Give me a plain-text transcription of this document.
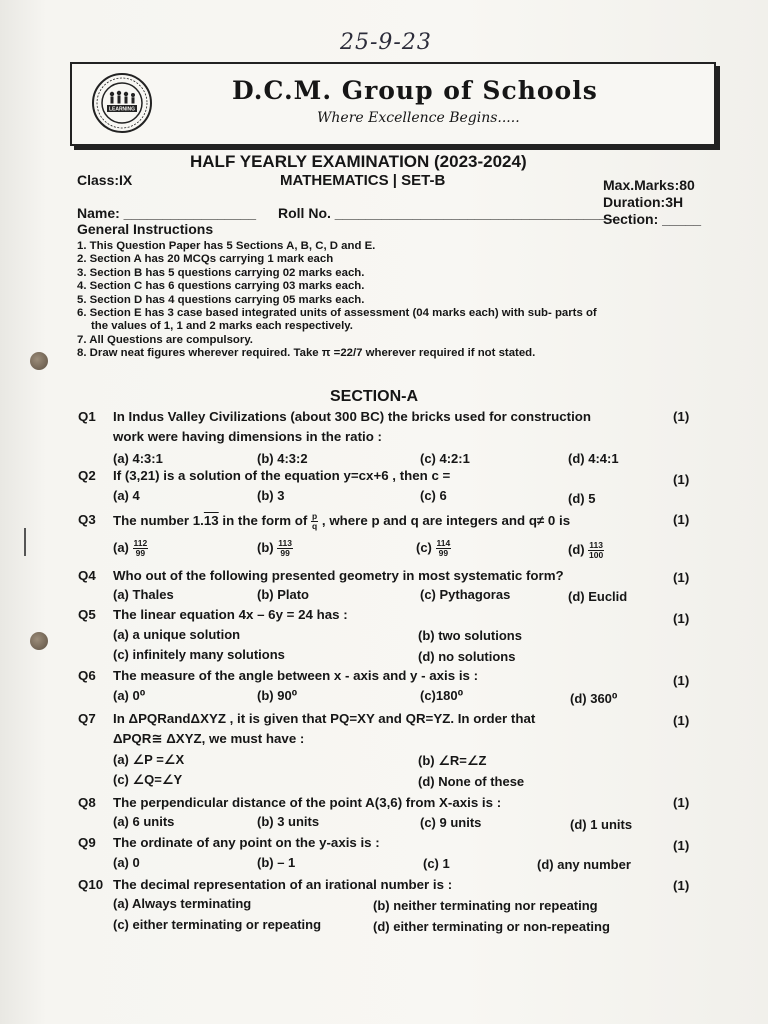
25-9-23
LEARNING
D.C.M. Group of Schools
Where Excellence Begins.....
HALF YEARLY EXAMINATION (2023-2024)
MATHEMATICS | SET-B
Class:IX	Max.Marks:80
Duration:3H
Name: _________________ Roll No. ____________________________________
Section: _____
General Instructions
1. This Question Paper has 5 Sections A, B, C, D and E.
2. Section A has 20 MCQs carrying 1 mark each
3. Section B has 5 questions carrying 02 marks each.
4. Section C has 6 questions carrying 03 marks each.
5. Section D has 4 questions carrying 05 marks each.
6. Section E has 3 case based integrated units of assessment (04 marks each) with sub- parts of
the values of 1, 1 and 2 marks each respectively.
7. All Questions are compulsory.
8. Draw neat figures wherever required. Take π =22/7 wherever required if not stated.
SECTION-A
Q1 In Indus Valley Civilizations (about 300 BC) the bricks used for construction	(1)
work were having dimensions in the ratio :
(a) 4:3:1	(b) 4:3:2	(c) 4:2:1	(d) 4:4:1
Q2 If (3,21) is a solution of the equation y=cx+6 , then c =	(1)
(a) 4	(b) 3	(c) 6	(d) 5
Q3 The number 1.13 in the form of $\frac{p}{q}$ , where p and q are integers and q≠ 0 is	(1)
$(a) \frac{112}{99}$	$(b) \frac{113}{99}$	$(c) \frac{114}{99}$	$(d) \frac{113}{100}$
Q4 Who out of the following presented geometry in most systematic form?	(1)
(a) Thales	(b) Plato	(c) Pythagoras	(d) Euclid
Q5 The linear equation 4x – 6y = 24 has :	(1)
(a) a unique solution	(b) two solutions
(c) infinitely many solutions	(d) no solutions
Q6 The measure of the angle between x - axis and y - axis is :	(1)
(a) 0⁰	(b) 90⁰	(c)180⁰	(d) 360⁰
Q7 In ΔPQRandΔXYZ , it is given that PQ=XY and QR=YZ. In order that	(1)
ΔPQR≅ ΔXYZ, we must have :
(a) ∠P =∠X	(b) ∠R=∠Z
(c) ∠Q=∠Y	(d) None of these
Q8 The perpendicular distance of the point A(3,6) from X-axis is :	(1)
(a) 6 units	(b) 3 units	(c) 9 units	(d) 1 units
Q9 The ordinate of any point on the y-axis is :	(1)
(a) 0	(b) – 1	(c) 1	(d) any number
Q10 The decimal representation of an irational number is :	(1)
(a) Always terminating	(b) neither terminating nor repeating
(c) either terminating or repeating	(d) either terminating or non-repeating
